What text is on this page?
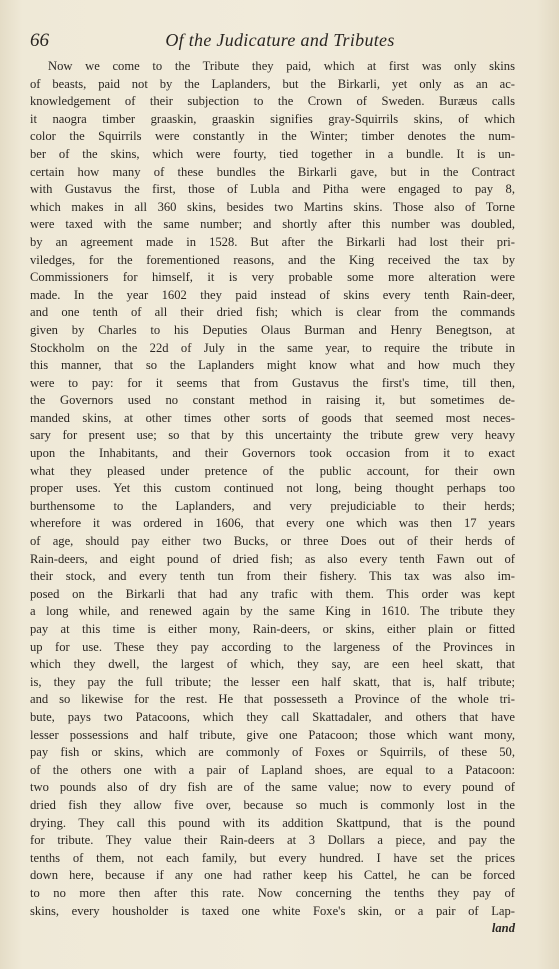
66	Of the Judicature and Tributes
Now we come to the Tribute they paid, which at first was only skins
of beasts, paid not by the Laplanders, but the Birkarli, yet only as an ac-
knowledgement of their subjection to the Crown of Sweden. Buræus calls
it naogra timber graaskin, graaskin signifies gray-Squirrils skins, of which
color the Squirrils were constantly in the Winter; timber denotes the num-
ber of the skins, which were fourty, tied together in a bundle. It is un-
certain how many of these bundles the Birkarli gave, but in the Contract
with Gustavus the first, those of Lubla and Pitha were engaged to pay 8,
which makes in all 360 skins, besides two Martins skins. Those also of Torne
were taxed with the same number; and shortly after this number was doubled,
by an agreement made in 1528. But after the Birkarli had lost their pri-
viledges, for the forementioned reasons, and the King received the tax by
Commissioners for himself, it is very probable some more alteration were
made. In the year 1602 they paid instead of skins every tenth Rain-deer,
and one tenth of all their dried fish; which is clear from the commands
given by Charles to his Deputies Olaus Burman and Henry Benegtson, at
Stockholm on the 22d of July in the same year, to require the tribute in
this manner, that so the Laplanders might know what and how much they
were to pay: for it seems that from Gustavus the first's time, till then,
the Governors used no constant method in raising it, but sometimes de-
manded skins, at other times other sorts of goods that seemed most neces-
sary for present use; so that by this uncertainty the tribute grew very heavy
upon the Inhabitants, and their Governors took occasion from it to exact
what they pleased under pretence of the public account, for their own
proper uses. Yet this custom continued not long, being thought perhaps too
burthensome to the Laplanders, and very prejudiciable to their herds;
wherefore it was ordered in 1606, that every one which was then 17 years
of age, should pay either two Bucks, or three Does out of their herds of
Rain-deers, and eight pound of dried fish; as also every tenth Fawn out of
their stock, and every tenth tun from their fishery. This tax was also im-
posed on the Birkarli that had any trafic with them. This order was kept
a long while, and renewed again by the same King in 1610. The tribute they
pay at this time is either mony, Rain-deers, or skins, either plain or fitted
up for use. These they pay according to the largeness of the Provinces in
which they dwell, the largest of which, they say, are een heel skatt, that
is, they pay the full tribute; the lesser een half skatt, that is, half tribute;
and so likewise for the rest. He that possesseth a Province of the whole tri-
bute, pays two Patacoons, which they call Skattadaler, and others that have
lesser possessions and half tribute, give one Patacoon; those which want mony,
pay fish or skins, which are commonly of Foxes or Squirrils, of these 50,
of the others one with a pair of Lapland shoes, are equal to a Patacoon:
two pounds also of dry fish are of the same value; now to every pound of
dried fish they allow five over, because so much is commonly lost in the
drying. They call this pound with its addition Skattpund, that is the pound
for tribute. They value their Rain-deers at 3 Dollars a piece, and pay the
tenths of them, not each family, but every hundred. I have set the prices
down here, because if any one had rather keep his Cattel, he can be forced
to no more then after this rate. Now concerning the tenths they pay of
skins, every housholder is taxed one white Foxe's skin, or a pair of Lap-
land
